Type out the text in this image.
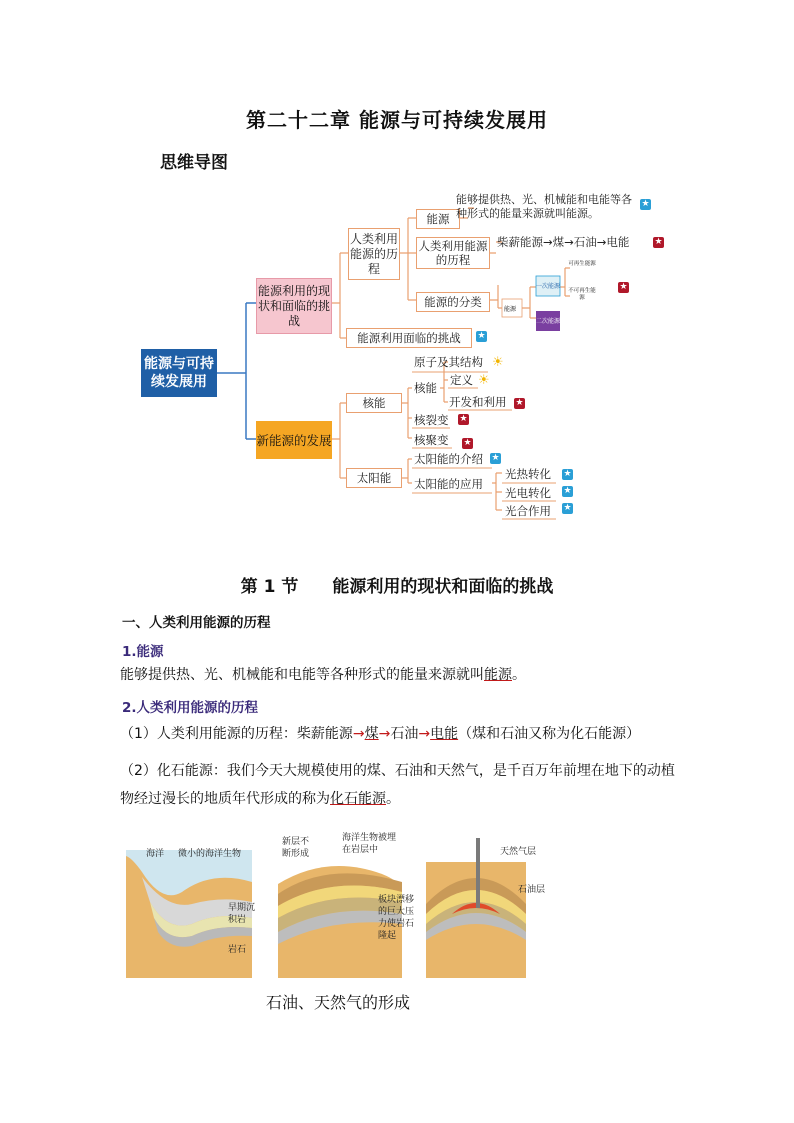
第二十二章 能源与可持续发展用
思维导图
能源与可持续发展用
能源利用的现状和面临的挑战
新能源的发展
人类利用能源的历程
能源
能够提供热、光、机械能和电能等各种形式的能量来源就叫能源。
★
人类利用能源的历程
柴薪能源→煤→石油→电能	★
能源的分类
能源
一次能源
二次能源
可再生能源
不可再生能源
★
能源利用面临的挑战	★
核能
原子及其结构 ☀
核能
定义 ☀
开发和利用 ★
核裂变 ★
核聚变 ★
太阳能
太阳能的介绍 ★
太阳能的应用
光热转化 ★
光电转化 ★
光合作用 ★
第 1 节 能源利用的现状和面临的挑战
一、人类利用能源的历程
1.能源
能够提供热、光、机械能和电能等各种形式的能量来源就叫能源。
2.人类利用能源的历程
（1）人类利用能源的历程：柴薪能源→煤→石油→电能（煤和石油又称为化石能源）
（2）化石能源：我们今天大规模使用的煤、石油和天然气，是千百万年前埋在地下的动植
物经过漫长的地质年代形成的称为化石能源。
海洋 微小的海洋生物
早期沉
积岩
岩石
新层不
断形成
海洋生物被埋
在岩层中
板块漂移
的巨大压
力使岩石
隆起
天然气层
石油层
石油、天然气的形成
